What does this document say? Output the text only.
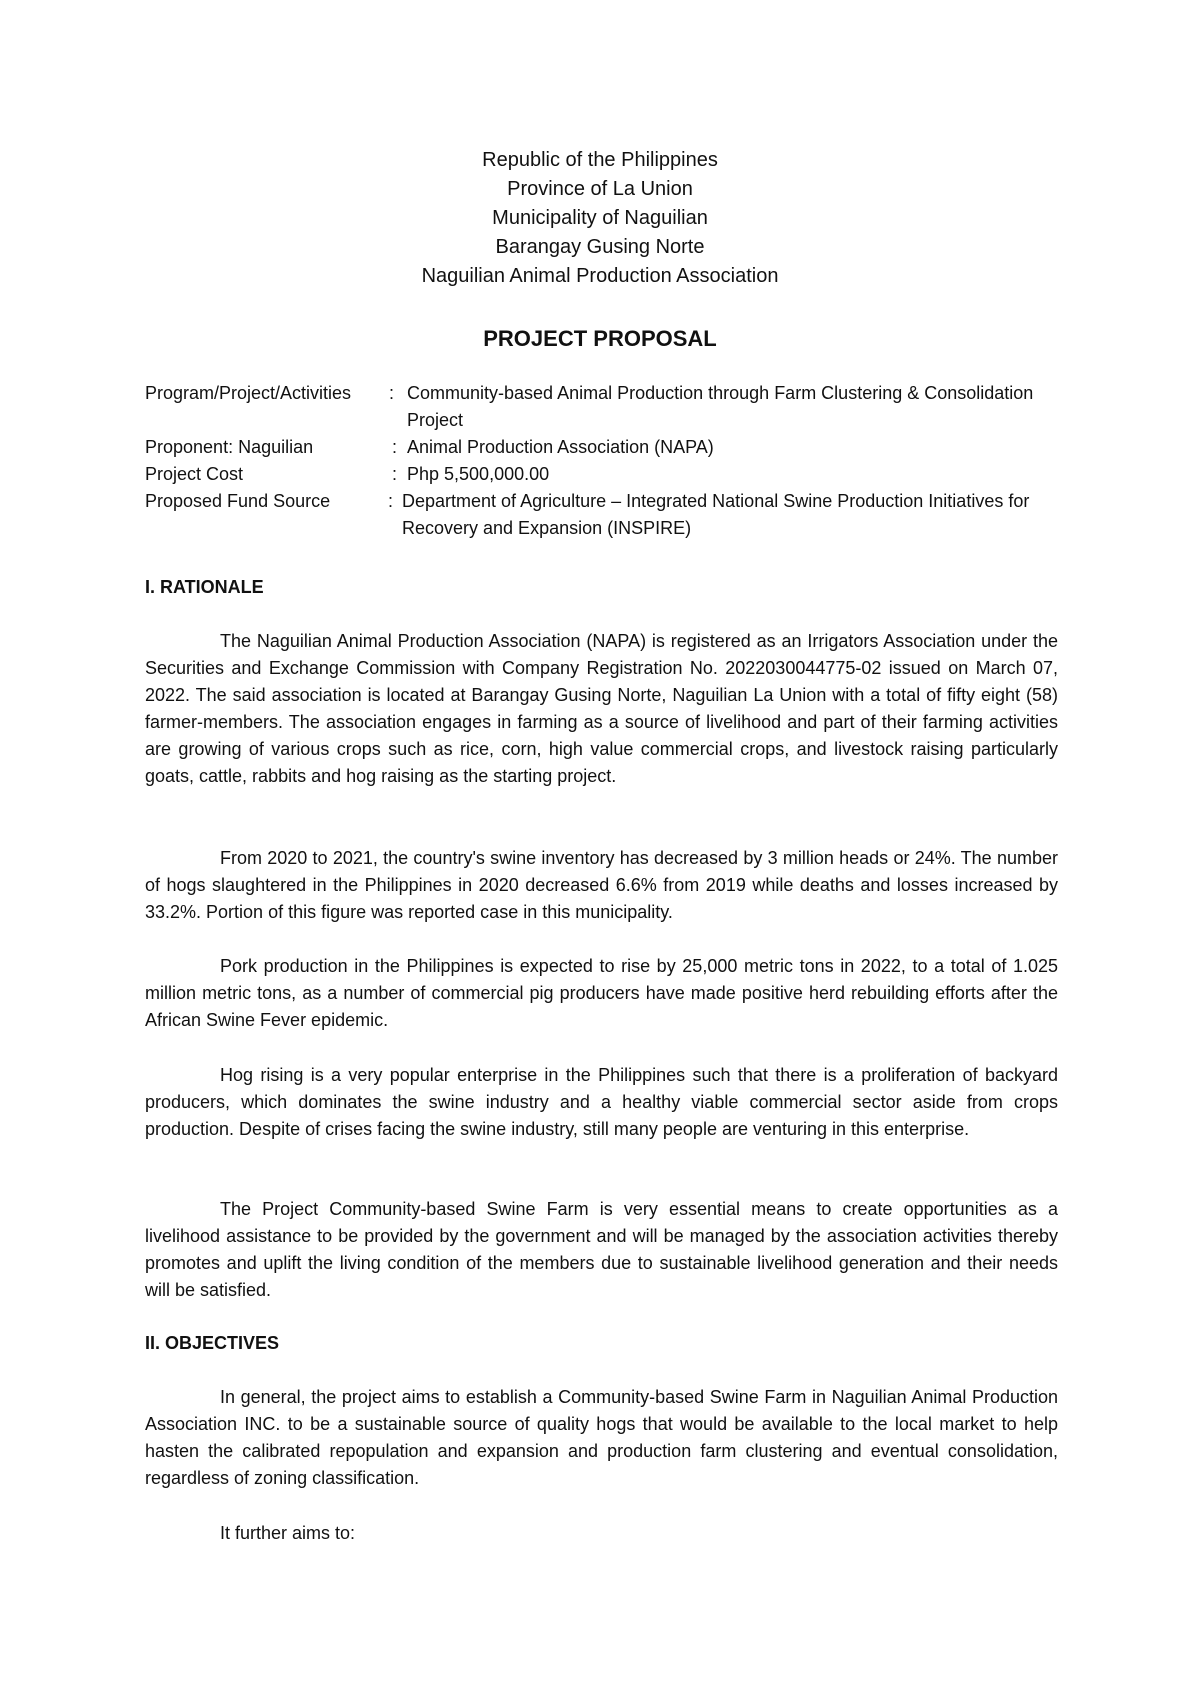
Republic of the Philippines
Province of La Union
Municipality of Naguilian
Barangay Gusing Norte
Naguilian Animal Production Association
PROJECT PROPOSAL
Program/Project/Activities : Community-based Animal Production through Farm Clustering & Consolidation Project
Proponent: Naguilian	: Animal Production Association (NAPA)
Project Cost	: Php 5,500,000.00
Proposed Fund Source	: Department of Agriculture – Integrated National Swine Production Initiatives for Recovery and Expansion (INSPIRE)
I. RATIONALE

The Naguilian Animal Production Association (NAPA) is registered as an Irrigators Association under the Securities and Exchange Commission with Company Registration No. 2022030044775-02 issued on March 07, 2022. The said association is located at Barangay Gusing Norte, Naguilian La Union with a total of fifty eight (58) farmer-members. The association engages in farming as a source of livelihood and part of their farming activities are growing of various crops such as rice, corn, high value commercial crops, and livestock raising particularly goats, cattle, rabbits and hog raising as the starting project.

From 2020 to 2021, the country's swine inventory has decreased by 3 million heads or 24%. The number of hogs slaughtered in the Philippines in 2020 decreased 6.6% from 2019 while deaths and losses increased by 33.2%. Portion of this figure was reported case in this municipality.

Pork production in the Philippines is expected to rise by 25,000 metric tons in 2022, to a total of 1.025 million metric tons, as a number of commercial pig producers have made positive herd rebuilding efforts after the African Swine Fever epidemic.

Hog rising is a very popular enterprise in the Philippines such that there is a proliferation of backyard producers, which dominates the swine industry and a healthy viable commercial sector aside from crops production. Despite of crises facing the swine industry, still many people are venturing in this enterprise.

The Project Community-based Swine Farm is very essential means to create opportunities as a livelihood assistance to be provided by the government and will be managed by the association activities thereby promotes and uplift the living condition of the members due to sustainable livelihood generation and their needs will be satisfied.

II. OBJECTIVES

In general, the project aims to establish a Community-based Swine Farm in Naguilian Animal Production Association INC. to be a sustainable source of quality hogs that would be available to the local market to help hasten the calibrated repopulation and expansion and production farm clustering and eventual consolidation, regardless of zoning classification.

It further aims to:
